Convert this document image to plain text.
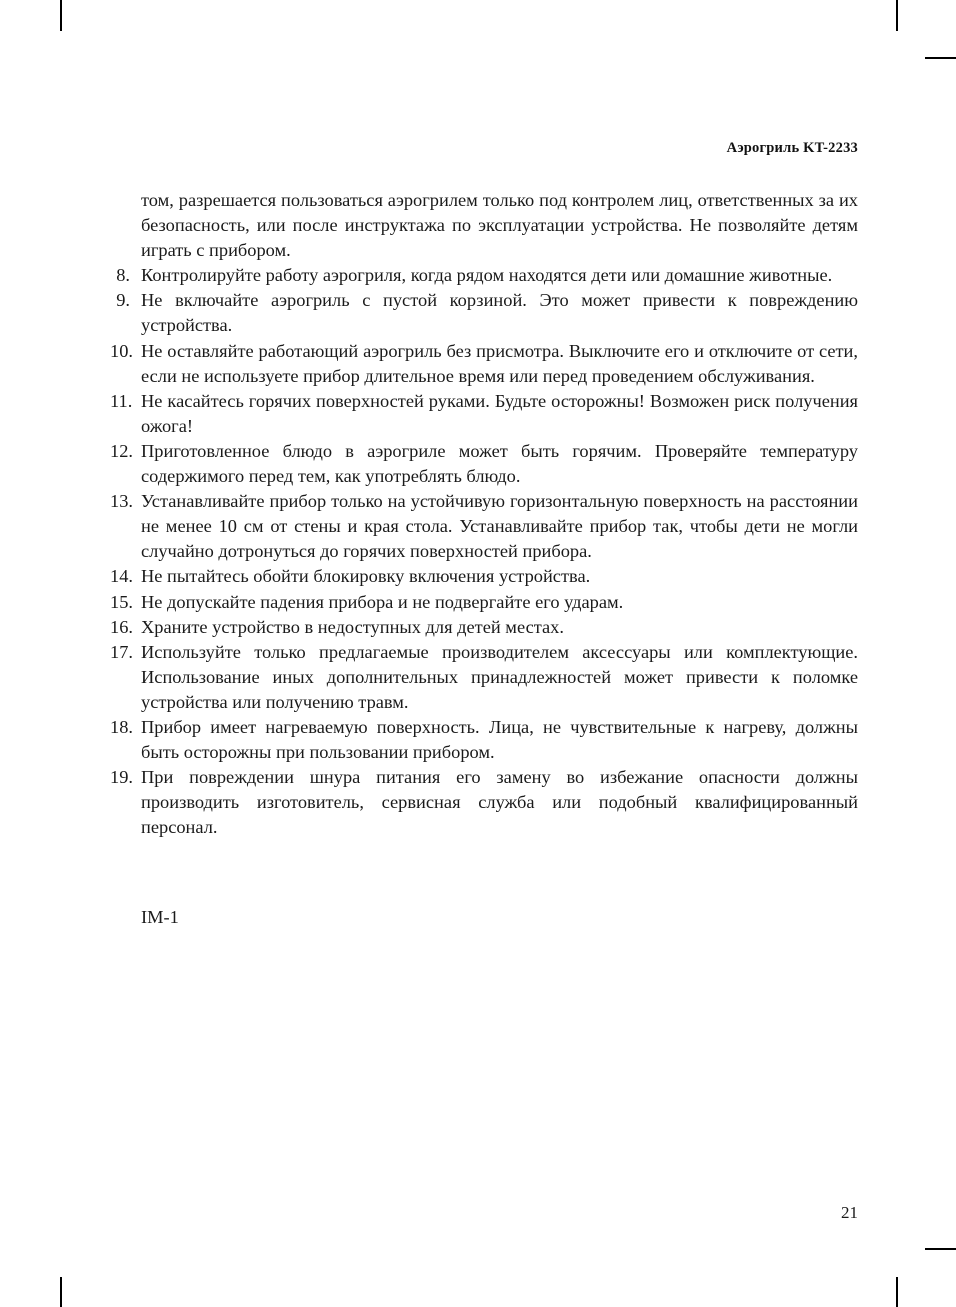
Аэрогриль KT-2233

том, разрешается пользоваться аэрогрилем только под контролем лиц, ответственных за их безопасность, или после инструктажа по эксплуатации устройства. Не позволяйте детям играть с прибором.

8. Контролируйте работу аэрогриля, когда рядом находятся дети или домашние животные.
9. Не включайте аэрогриль с пустой корзиной. Это может привести к повреждению устройства.
10. Не оставляйте работающий аэрогриль без присмотра. Выключите его и отключите от сети, если не используете прибор длительное время или перед проведением обслуживания.
11. Не касайтесь горячих поверхностей руками. Будьте осторожны! Возможен риск получения ожога!
12. Приготовленное блюдо в аэрогриле может быть горячим. Проверяйте температуру содержимого перед тем, как употреблять блюдо.
13. Устанавливайте прибор только на устойчивую горизонтальную поверхность на расстоянии не менее 10 см от стены и края стола. Устанавливайте прибор так, чтобы дети не могли случайно дотронуться до горячих поверхностей прибора.
14. Не пытайтесь обойти блокировку включения устройства.
15. Не допускайте падения прибора и не подвергайте его ударам.
16. Храните устройство в недоступных для детей местах.
17. Используйте только предлагаемые производителем аксессуары или комплектующие. Использование иных дополнительных принадлежностей может привести к поломке устройства или получению травм.
18. Прибор имеет нагреваемую поверхность. Лица, не чувствительные к нагреву, должны быть осторожны при пользовании прибором.
19. При повреждении шнура питания его замену во избежание опасности должны производить изготовитель, сервисная служба или подобный квалифицированный персонал.
IM-1
21
